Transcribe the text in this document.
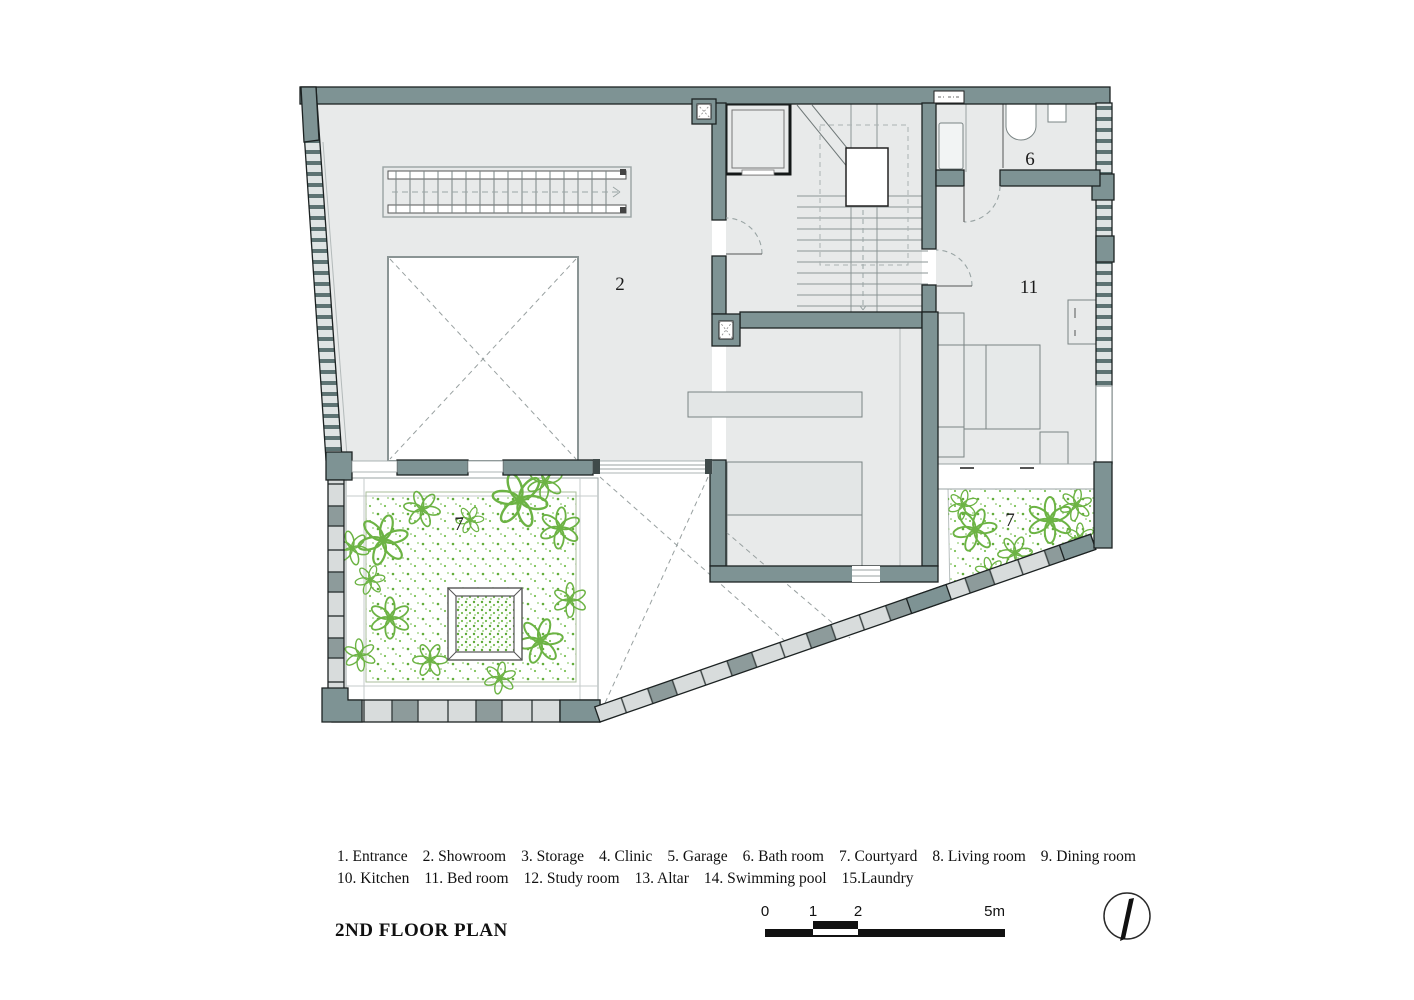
2
6
11
7	7
0	1 2	5m
1. Entrance 2. Showroom 3. Storage 4. Clinic 5. Garage 6. Bath room 7. Courtyard 8. Living room 9. Dining room
10. Kitchen 11. Bed room 12. Study room 13. Altar 14. Swimming pool 15.Laundry
2ND FLOOR PLAN
